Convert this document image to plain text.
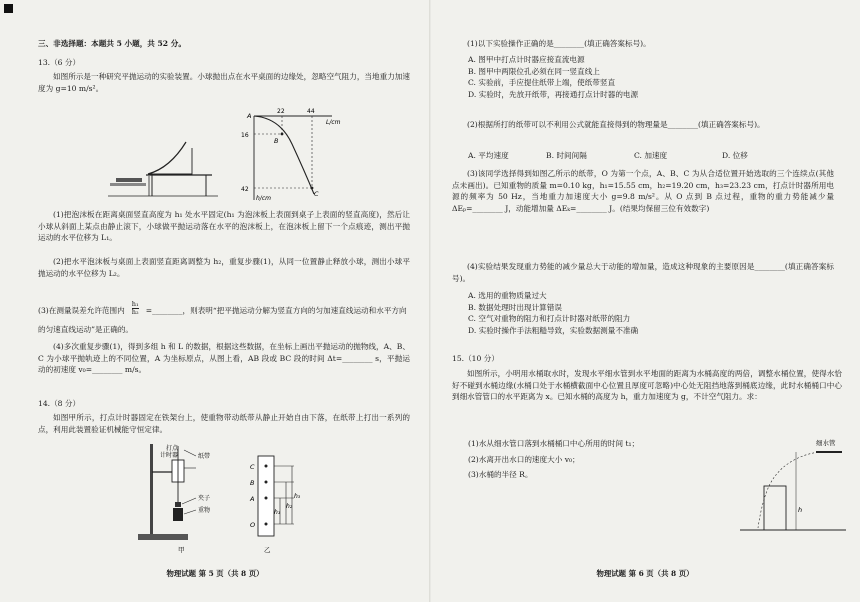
三、非选择题：本题共 5 小题，共 52 分。

13.（6 分）

如图所示是一种研究平抛运动的实验装置。小球抛出点在水平桌面的边缘处，忽略空气阻力，当地重力加速度为 g=10 m/s²。

22	44
L/cm
16
42
h/cm
A
B
C

(1)把泡沫板在距离桌面竖直高度为 h₁ 处水平固定(h₁ 为泡沫板上表面到桌子上表面的竖直高度)，然后让小球从斜面上某点由静止滚下，小球做平抛运动落在水平的泡沫板上，在泡沫板上留下一个点痕迹，测出平抛运动的水平位移为 L₁。

(2)把水平泡沫板与桌面上表面竖直距离调整为 h₂，重复步骤(1)，从同一位置静止释放小球，测出小球平抛运动的水平位移为 L₂。

(3)在测量误差允许范围内

$\frac{\text{h₁}}{\text{h₂}}$
=________，则表明“把平抛运动分解为竖直方向的匀加速直线运动和水平方向的匀速直线运动”是正确的。

(4)多次重复步骤(1)，得到多组 h 和 L 的数据，根据这些数据，在坐标上画出平抛运动的抛物线，A、B、C 为小球平抛轨迹上的不同位置，A 为坐标原点，从图上看，AB 段或 BC 段的时间 Δt=________ s，平抛运动的初速度 v₀=________ m/s。

14.（8 分）

如图甲所示，打点计时器固定在铁架台上，使重物带动纸带从静止开始自由下落，在纸带上打出一系列的点，利用此装置验证机械能守恒定律。

打点
计时器	纸带
夹子
重物
甲
C
B
A
O
h₃
h₂
h₁
乙

物理试题 第 5 页（共 8 页）

(1)以下实验操作正确的是________(填正确答案标号)。

A. 图甲中打点计时器应接直流电源

B. 图甲中两限位孔必须在同一竖直线上

C. 实验前，手应提住纸带上端，使纸带竖直

D. 实验时，先放开纸带，再接通打点计时器的电源

(2)根据所打的纸带可以不利用公式就能直接得到的物理量是________(填正确答案标号)。

A. 平均速度	B. 时间间隔	C. 加速度	D. 位移

(3)该同学选择得到如图乙所示的纸带，O 为第一个点，A、B、C 为从合适位置开始选取的三个连续点(其他点未画出)。已知重物的质量 m=0.10 kg，h₁=15.55 cm，h₂=19.20 cm，h₃=23.23 cm，打点计时器所用电源的频率为 50 Hz，当地重力加速度大小 g=9.8 m/s²。从 O 点到 B 点过程，重物的重力势能减少量 ΔEₚ=________ J，动能增加量 ΔEₖ=________ J。(结果均保留三位有效数字)

(4)实验结果发现重力势能的减少量总大于动能的增加量，造成这种现象的主要原因是________(填正确答案标号)。

A. 选用的重物质量过大

B. 数据处理时出现计算错误

C. 空气对重物的阻力和打点计时器对纸带的阻力

D. 实验时操作手法粗糙导致，实验数据测量不准确

15.（10 分）

如图所示，小明用水桶取水时，发现水平细水管到水平地面的距离为水桶高度的两倍，调整水桶位置，使得水恰好不碰到水桶边缘(水桶口处于水桶横截面中心位置且厚度可忽略)中心处无阻挡地落到桶底边缘，此时水桶桶口中心到细水管管口的水平距离为 x。已知水桶的高度为 h，重力加速度为 g，不计空气阻力。求：

(1)水从细水管口落到水桶桶口中心所用的时间 t₁；

(2)水离开出水口的速度大小 v₀；

(3)水桶的半径 R。

细水管
h

物理试题 第 6 页（共 8 页）
